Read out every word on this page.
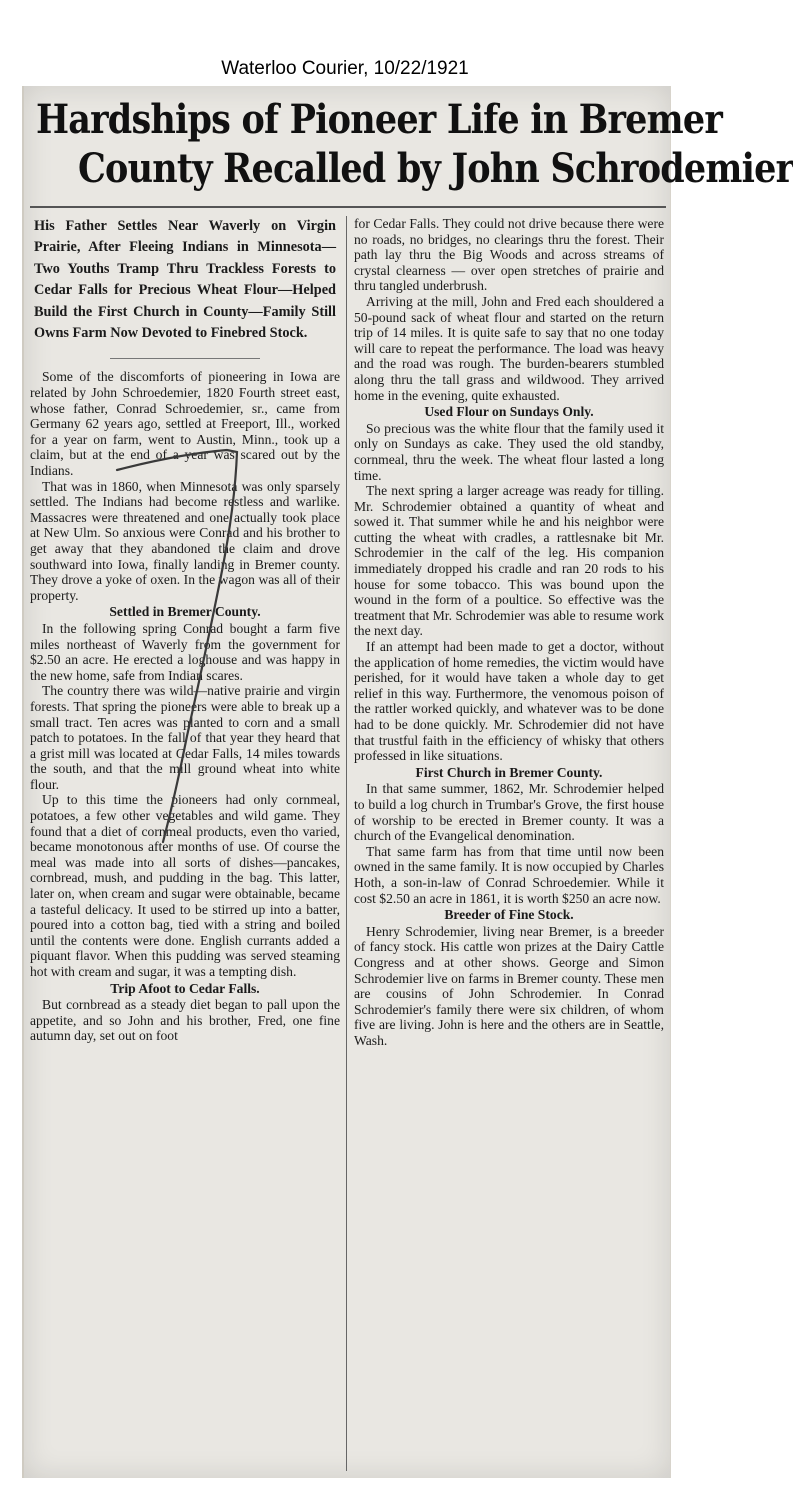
Waterloo Courier, 10/22/1921
Hardships of Pioneer Life in Bremer
County Recalled by John Schrodemier
His Father Settles Near Waverly on Virgin Prairie, After Fleeing Indians in Minnesota—Two Youths Tramp Thru Trackless Forests to Cedar Falls for Precious Wheat Flour—Helped Build the First Church in County—Family Still Owns Farm Now Devoted to Finebred Stock.

Some of the discomforts of pioneering in Iowa are related by John Schroedemier, 1820 Fourth street east, whose father, Conrad Schroedemier, sr., came from Germany 62 years ago, settled at Freeport, Ill., worked for a year on farm, went to Austin, Minn., took up a claim, but at the end of a year was scared out by the Indians.

That was in 1860, when Minnesota was only sparsely settled. The Indians had become restless and warlike. Massacres were threatened and one actually took place at New Ulm. So anxious were Conrad and his brother to get away that they abandoned the claim and drove southward into Iowa, finally landing in Bremer county. They drove a yoke of oxen. In the wagon was all of their property.

Settled in Bremer County.

In the following spring Conrad bought a farm five miles northeast of Waverly from the government for $2.50 an acre. He erected a loghouse and was happy in the new home, safe from Indian scares.

The country there was wild—native prairie and virgin forests. That spring the pioneers were able to break up a small tract. Ten acres was planted to corn and a small patch to potatoes. In the fall of that year they heard that a grist mill was located at Cedar Falls, 14 miles towards the south, and that the mill ground wheat into white flour.

Up to this time the pioneers had only cornmeal, potatoes, a few other vegetables and wild game. They found that a diet of cornmeal products, even tho varied, became monotonous after months of use. Of course the meal was made into all sorts of dishes—pancakes, cornbread, mush, and pudding in the bag. This latter, later on, when cream and sugar were obtainable, became a tasteful delicacy. It used to be stirred up into a batter, poured into a cotton bag, tied with a string and boiled until the contents were done. English currants added a piquant flavor. When this pudding was served steaming hot with cream and sugar, it was a tempting dish.

Trip Afoot to Cedar Falls.

But cornbread as a steady diet began to pall upon the appetite, and so John and his brother, Fred, one fine autumn day, set out on foot

for Cedar Falls. They could not drive because there were no roads, no bridges, no clearings thru the forest. Their path lay thru the Big Woods and across streams of crystal clearness — over open stretches of prairie and thru tangled underbrush.

Arriving at the mill, John and Fred each shouldered a 50-pound sack of wheat flour and started on the return trip of 14 miles. It is quite safe to say that no one today will care to repeat the performance. The load was heavy and the road was rough. The burden-bearers stumbled along thru the tall grass and wildwood. They arrived home in the evening, quite exhausted.

Used Flour on Sundays Only.

So precious was the white flour that the family used it only on Sundays as cake. They used the old standby, cornmeal, thru the week. The wheat flour lasted a long time.

The next spring a larger acreage was ready for tilling. Mr. Schrodemier obtained a quantity of wheat and sowed it. That summer while he and his neighbor were cutting the wheat with cradles, a rattlesnake bit Mr. Schrodemier in the calf of the leg. His companion immediately dropped his cradle and ran 20 rods to his house for some tobacco. This was bound upon the wound in the form of a poultice. So effective was the treatment that Mr. Schrodemier was able to resume work the next day.

If an attempt had been made to get a doctor, without the application of home remedies, the victim would have perished, for it would have taken a whole day to get relief in this way. Furthermore, the venomous poison of the rattler worked quickly, and whatever was to be done had to be done quickly. Mr. Schrodemier did not have that trustful faith in the efficiency of whisky that others professed in like situations.

First Church in Bremer County.

In that same summer, 1862, Mr. Schrodemier helped to build a log church in Trumbar's Grove, the first house of worship to be erected in Bremer county. It was a church of the Evangelical denomination.

That same farm has from that time until now been owned in the same family. It is now occupied by Charles Hoth, a son-in-law of Conrad Schroedemier. While it cost $2.50 an acre in 1861, it is worth $250 an acre now.

Breeder of Fine Stock.

Henry Schrodemier, living near Bremer, is a breeder of fancy stock. His cattle won prizes at the Dairy Cattle Congress and at other shows. George and Simon Schrodemier live on farms in Bremer county. These men are cousins of John Schrodemier. In Conrad Schrodemier's family there were six children, of whom five are living. John is here and the others are in Seattle, Wash.
